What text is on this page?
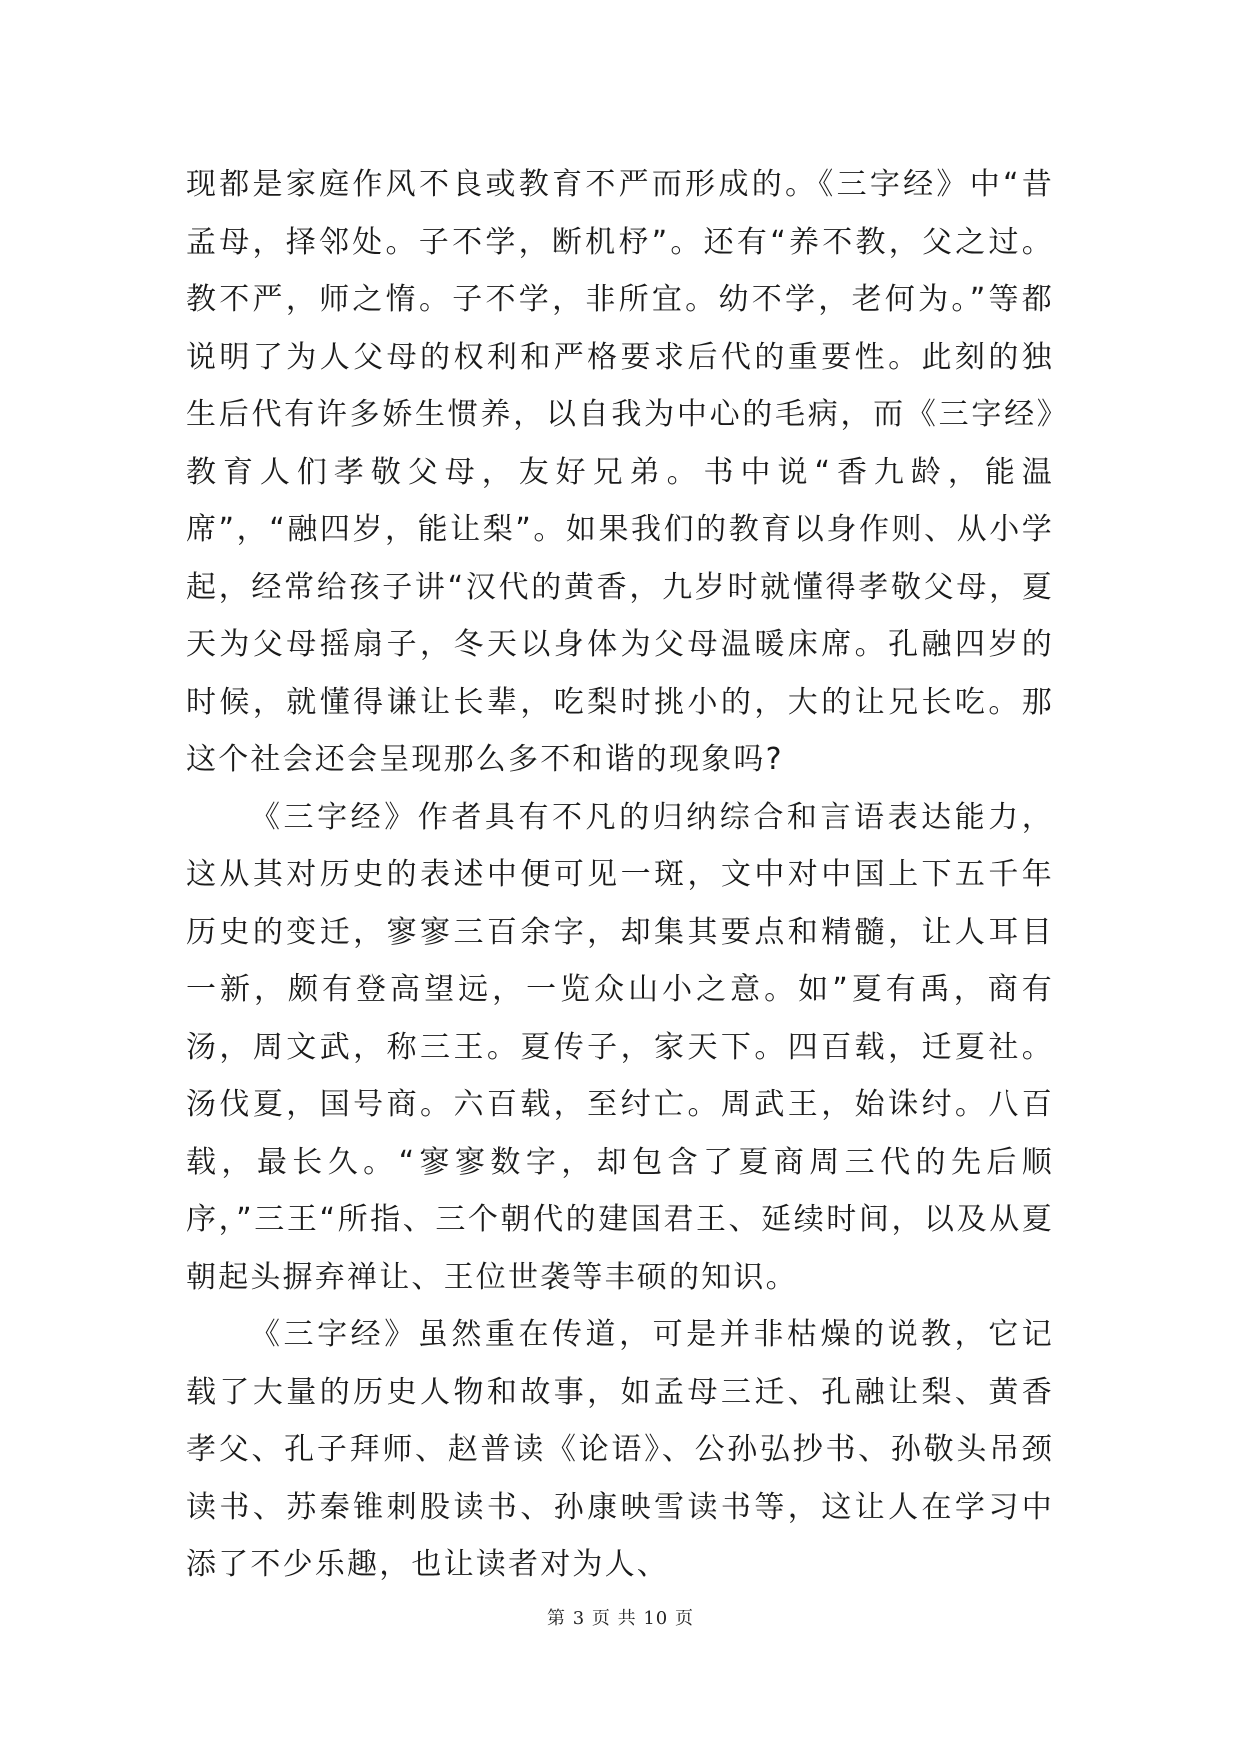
现都是家庭作风不良或教育不严而形成的。《三字经》中“昔孟母，择邻处。子不学，断机杼”。还有“养不教，父之过。教不严，师之惰。子不学，非所宜。幼不学，老何为。”等都说明了为人父母的权利和严格要求后代的重要性。此刻的独生后代有许多娇生惯养，以自我为中心的毛病，而《三字经》教育人们孝敬父母，友好兄弟。书中说“香九龄，能温席”，“融四岁，能让梨”。如果我们的教育以身作则、从小学起，经常给孩子讲“汉代的黄香，九岁时就懂得孝敬父母，夏天为父母摇扇子，冬天以身体为父母温暖床席。孔融四岁的时候，就懂得谦让长辈，吃梨时挑小的，大的让兄长吃。那这个社会还会呈现那么多不和谐的现象吗?

《三字经》作者具有不凡的归纳综合和言语表达能力，这从其对历史的表述中便可见一斑，文中对中国上下五千年历史的变迁，寥寥三百余字，却集其要点和精髓，让人耳目一新，颇有登高望远，一览众山小之意。如”夏有禹，商有汤，周文武，称三王。夏传子，家天下。四百载，迁夏社。汤伐夏，国号商。六百载，至纣亡。周武王，始诛纣。八百载，最长久。“寥寥数字，却包含了夏商周三代的先后顺序，”三王“所指、三个朝代的建国君王、延续时间，以及从夏朝起头摒弃禅让、王位世袭等丰硕的知识。

《三字经》虽然重在传道，可是并非枯燥的说教，它记载了大量的历史人物和故事，如孟母三迁、孔融让梨、黄香孝父、孔子拜师、赵普读《论语》、公孙弘抄书、孙敬头吊颈读书、苏秦锥刺股读书、孙康映雪读书等，这让人在学习中添了不少乐趣，也让读者对为人、

第 3 页 共 10 页
